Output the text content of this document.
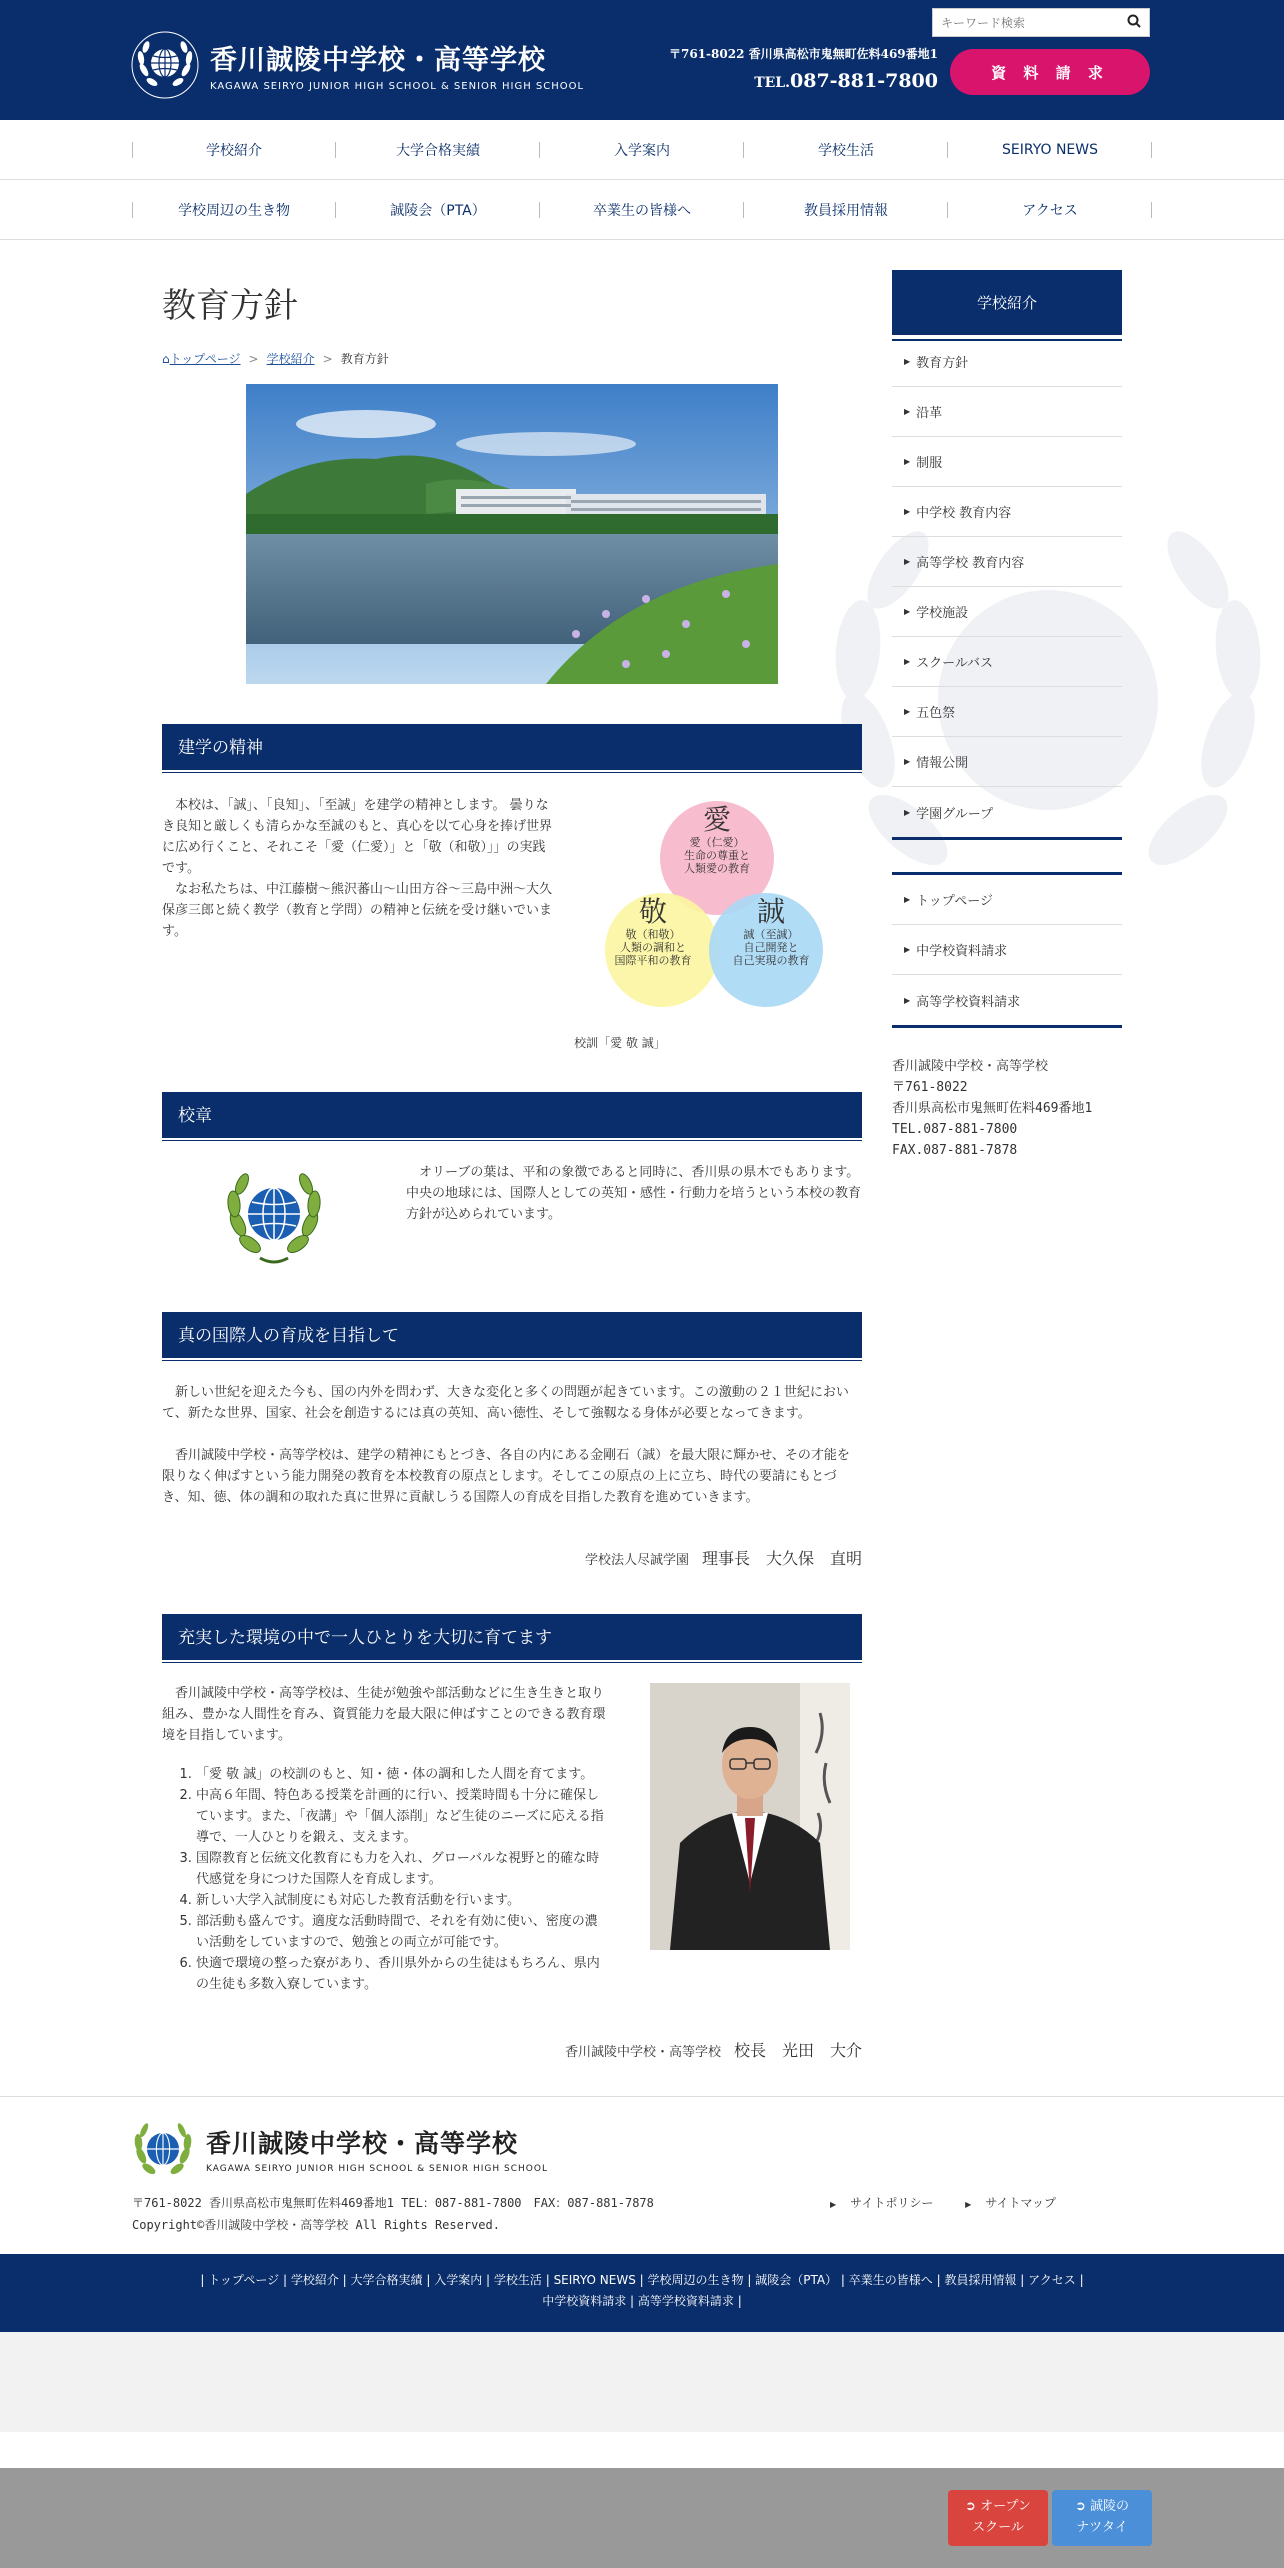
香川誠陵中学校・高等学校
KAGAWA SEIRYO JUNIOR HIGH SCHOOL & SENIOR HIGH SCHOOL
キーワード検索
〒761-8022 香川県高松市鬼無町佐料469番地1
TEL.087-881-7800	資 料 請 求
学校紹介	大学合格実績	入学案内	学校生活	SEIRYO NEWS
学校周辺の生き物	誠陵会（PTA）	卒業生の皆様へ	教員採用情報	アクセス
教育方針
⌂トップページ > 学校紹介 > 教育方針
建学の精神
本校は、「誠」、「良知」、「至誠」を建学の精神とします。 曇りなき良知と厳しくも清らかな至誠のもと、真心を以て心身を捧げ世界に広め行くこと、それこそ「愛（仁愛）」と「敬（和敬）」」の実践です。
なお私たちは、中江藤樹～熊沢蕃山～山田方谷～三島中洲～大久保彦三郎と続く教学（教育と学問）の精神と伝統を受け継いでいます。
愛
愛（仁愛）
生命の尊重と
人類愛の教育
敬
敬（和敬）
人類の調和と
国際平和の教育
誠
誠（至誠）
自己開発と
自己実現の教育
校訓「愛 敬 誠」
校章
オリーブの葉は、平和の象徴であると同時に、香川県の県木でもあります。中央の地球には、国際人としての英知・感性・行動力を培うという本校の教育方針が込められています。
真の国際人の育成を目指して
新しい世紀を迎えた今も、国の内外を問わず、大きな変化と多くの問題が起きています。この激動の２１世紀において、新たな世界、国家、社会を創造するには真の英知、高い徳性、そして強靱なる身体が必要となってきます。
香川誠陵中学校・高等学校は、建学の精神にもとづき、各自の内にある金剛石（誠）を最大限に輝かせ、その才能を限りなく伸ばすという能力開発の教育を本校教育の原点とします。そしてこの原点の上に立ち、時代の要請にもとづき、知、徳、体の調和の取れた真に世界に貢献しうる国際人の育成を目指した教育を進めていきます。
学校法人尽誠学園　 理事長　大久保　直明
充実した環境の中で一人ひとりを大切に育てます
香川誠陵中学校・高等学校は、生徒が勉強や部活動などに生き生きと取り組み、豊かな人間性を育み、資質能力を最大限に伸ばすことのできる教育環境を目指しています。
1. 「愛 敬 誠」の校訓のもと、知・徳・体の調和した人間を育てます。
2. 中高６年間、特色ある授業を計画的に行い、授業時間も十分に確保しています。また、「夜講」や「個人添削」など生徒のニーズに応える指導で、一人ひとりを鍛え、支えます。
3. 国際教育と伝統文化教育にも力を入れ、グローバルな視野と的確な時代感覚を身につけた国際人を育成します。
4. 新しい大学入試制度にも対応した教育活動を行います。
5. 部活動も盛んです。適度な活動時間で、それを有効に使い、密度の濃い活動をしていますので、勉強との両立が可能です。
6. 快適で環境の整った寮があり、香川県外からの生徒はもちろん、県内の生徒も多数入寮しています。
香川誠陵中学校・高等学校　 校長　光田　大介
学校紹介
▶ 教育方針
▶ 沿革
▶ 制服
▶ 中学校 教育内容
▶ 高等学校 教育内容
▶ 学校施設
▶ スクールバス
▶ 五色祭
▶ 情報公開
▶ 学園グループ
▶ トップページ
▶ 中学校資料請求
▶ 高等学校資料請求
香川誠陵中学校・高等学校
〒761-8022
香川県高松市鬼無町佐料469番地1
TEL.087-881-7800
FAX.087-881-7878
香川誠陵中学校・高等学校
KAGAWA SEIRYO JUNIOR HIGH SCHOOL & SENIOR HIGH SCHOOL
〒761-8022 香川県高松市鬼無町佐料469番地1 TEL：087-881-7800　FAX：087-881-7878
Copyright©香川誠陵中学校・高等学校 All Rights Reserved.
▶ サイトポリシー	▶ サイトマップ
| トップページ | 学校紹介 | 大学合格実績 | 入学案内 | 学校生活 | SEIRYO NEWS | 学校周辺の生き物 | 誠陵会（PTA） | 卒業生の皆様へ | 教員採用情報 | アクセス |
中学校資料請求 | 高等学校資料請求 |
➲ オープン
スクール
➲ 誠陵の
ナツタイ
